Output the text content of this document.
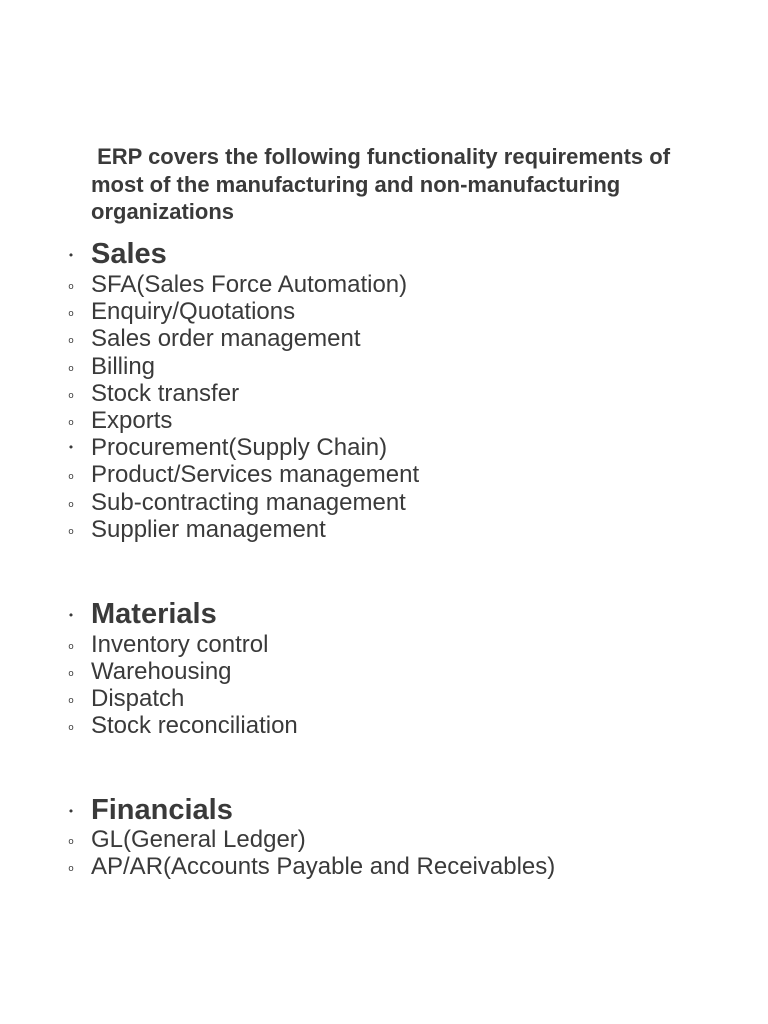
ERP covers the following functionality requirements of most of the manufacturing and non-manufacturing organizations

• Sales
o SFA(Sales Force Automation)
o Enquiry/Quotations
o Sales order management
o Billing
o Stock transfer
o Exports
• Procurement(Supply Chain)
o Product/Services management
o Sub-contracting management
o Supplier management
• Materials
o Inventory control
o Warehousing
o Dispatch
o Stock reconciliation
• Financials
o GL(General Ledger)
o AP/AR(Accounts Payable and Receivables)
